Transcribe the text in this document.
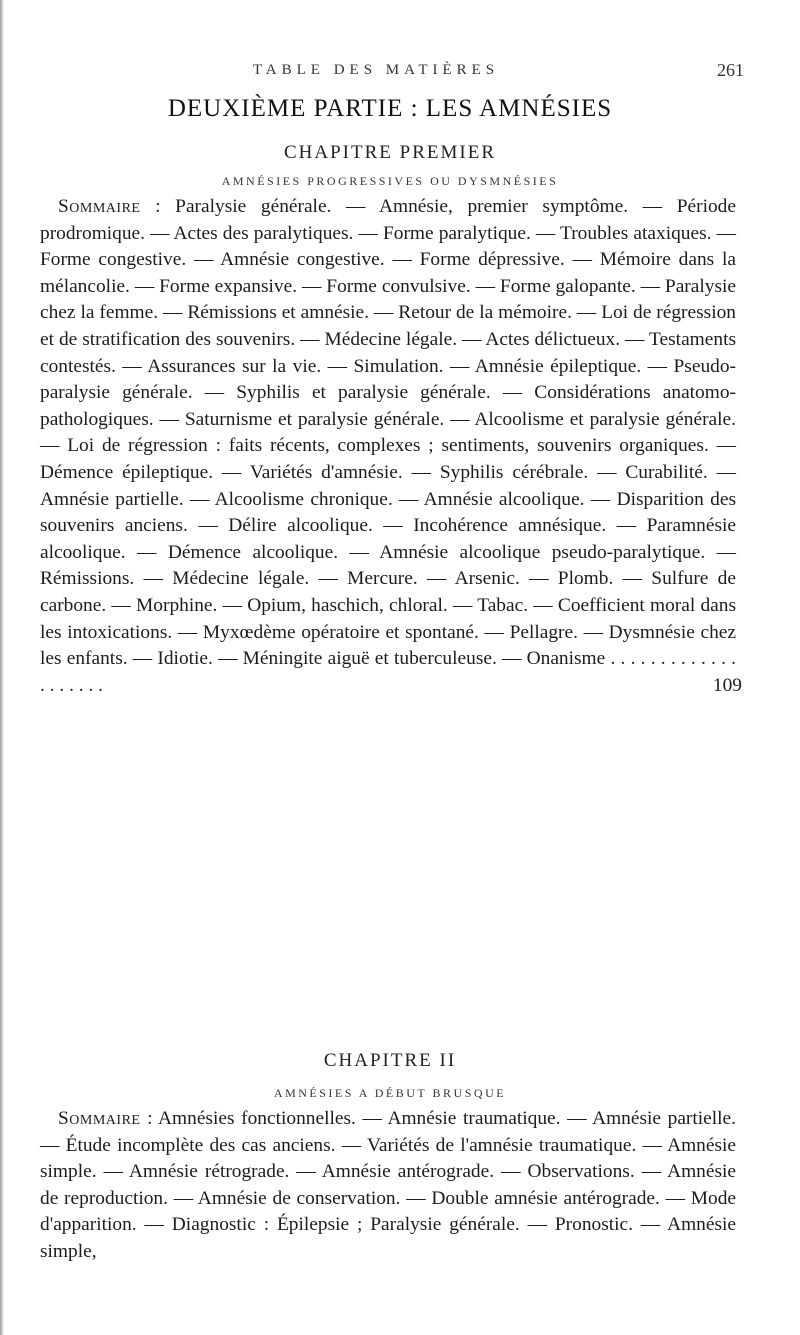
TABLE DES MATIÈRES	261
DEUXIÈME PARTIE : LES AMNÉSIES
CHAPITRE PREMIER
AMNÉSIES PROGRESSIVES OU DYSMNÉSIES

Sommaire : Paralysie générale. — Amnésie, premier symptôme. — Période prodromique. — Actes des paralytiques. — Forme paralytique. — Troubles ataxiques. — Forme congestive. — Amnésie congestive. — Forme dépressive. — Mémoire dans la mélancolie. — Forme expansive. — Forme convulsive. — Forme galopante. — Paralysie chez la femme. — Rémissions et amnésie. — Retour de la mémoire. — Loi de régression et de stratification des souvenirs. — Médecine légale. — Actes délictueux. — Testaments contestés. — Assurances sur la vie. — Simulation. — Amnésie épileptique. — Pseudo-paralysie générale. — Syphilis et paralysie générale. — Considérations anatomo-pathologiques. — Saturnisme et paralysie générale. — Alcoolisme et paralysie générale. — Loi de régression : faits récents, complexes ; sentiments, souvenirs organiques. — Démence épileptique. — Variétés d'amnésie. — Syphilis cérébrale. — Curabilité. — Amnésie partielle. — Alcoolisme chronique. — Amnésie alcoolique. — Disparition des souvenirs anciens. — Délire alcoolique. — Incohérence amnésique. — Paramnésie alcoolique. — Démence alcoolique. — Amnésie alcoolique pseudo-paralytique. — Rémissions. — Médecine légale. — Mercure. — Arsenic. — Plomb. — Sulfure de carbone. — Morphine. — Opium, haschich, chloral. — Tabac. — Coefficient moral dans les intoxications. — Myxœdème opératoire et spontané. — Pellagre. — Dysmnésie chez les enfants. — Idiotie. — Méningite aiguë et tuberculeuse. — Onanisme . . . . . . . . . . . . . . . . . . . .	109

CHAPITRE II
AMNÉSIES A DÉBUT BRUSQUE

Sommaire : Amnésies fonctionnelles. — Amnésie traumatique. — Amnésie partielle. — Étude incomplète des cas anciens. — Variétés de l'amnésie traumatique. — Amnésie simple. — Amnésie rétrograde. — Amnésie antérograde. — Observations. — Amnésie de reproduction. — Amnésie de conservation. — Double amnésie antérograde. — Mode d'apparition. — Diagnostic : Épilepsie ; Paralysie générale. — Pronostic. — Amnésie simple,
